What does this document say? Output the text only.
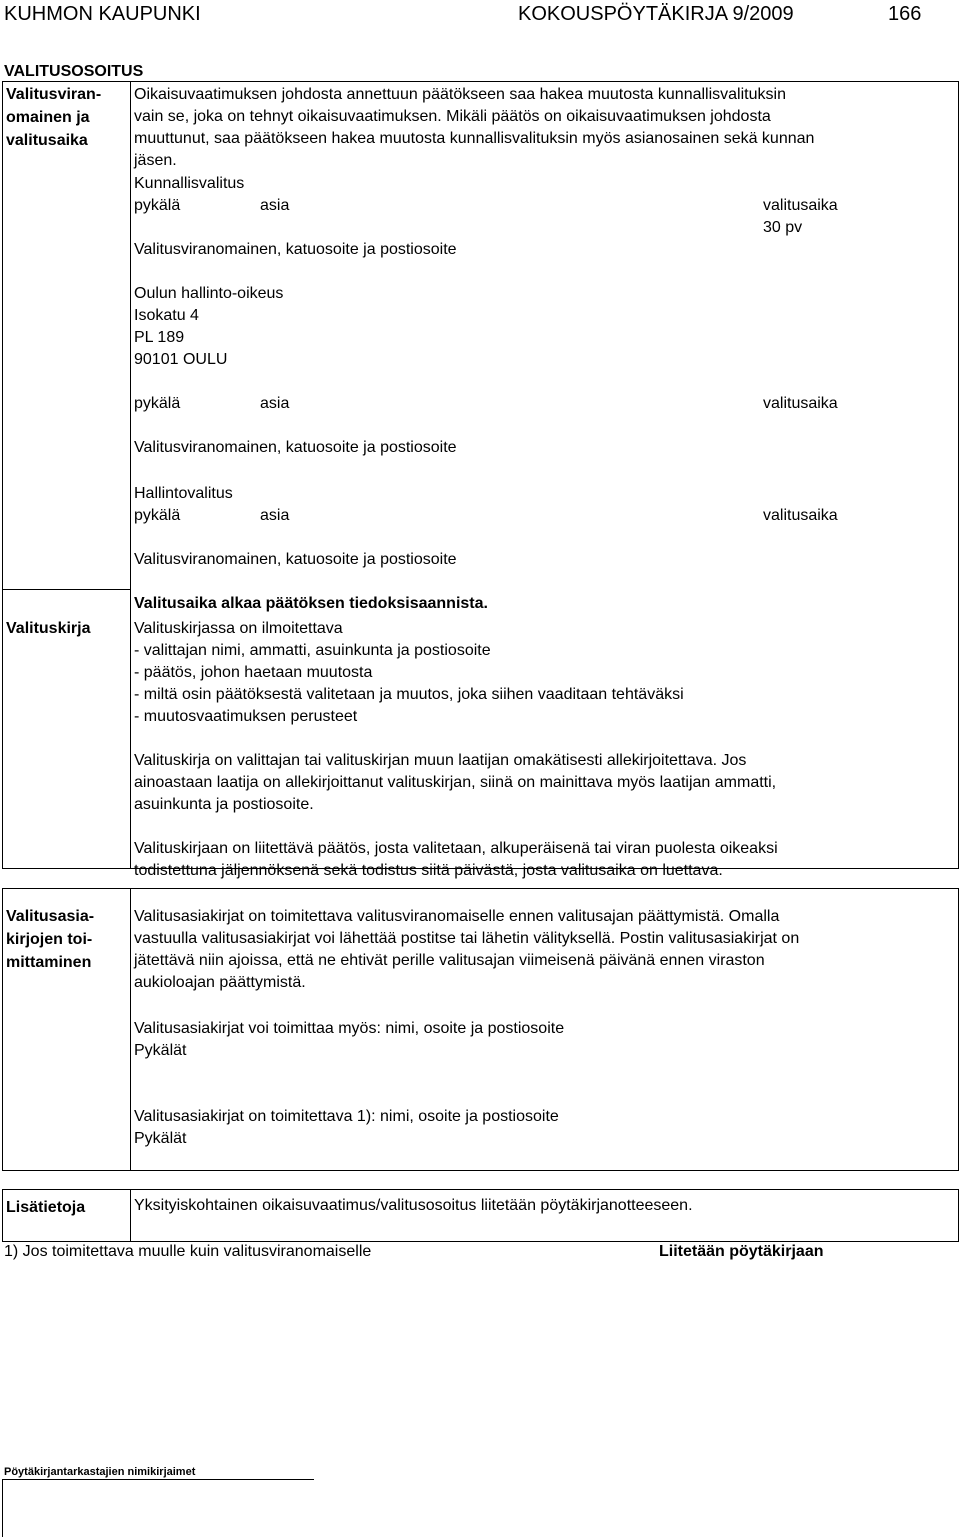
KUHMON KAUPUNKI	KOKOUSPÖYTÄKIRJA 9/2009	166
VALITUSOSOITUS
Valitusviran-
omainen ja
valitusaika
Oikaisuvaatimuksen johdosta annettuun päätökseen saa hakea muutosta kunnallisvalituksin
vain se, joka on tehnyt oikaisuvaatimuksen. Mikäli päätös on oikaisuvaatimuksen johdosta
muuttunut, saa päätökseen hakea muutosta kunnallisvalituksin myös asianosainen sekä kunnan
jäsen.
Kunnallisvalitus
pykälä	asia	valitusaika
30 pv
Valitusviranomainen, katuosoite ja postiosoite
Oulun hallinto-oikeus
Isokatu 4
PL 189
90101 OULU
pykälä	asia	valitusaika
Valitusviranomainen, katuosoite ja postiosoite
Hallintovalitus
pykälä	asia	valitusaika
Valitusviranomainen, katuosoite ja postiosoite
Valitusaika alkaa päätöksen tiedoksisaannista.
Valituskirja	Valituskirjassa on ilmoitettava
- valittajan nimi, ammatti, asuinkunta ja postiosoite
- päätös, johon haetaan muutosta
- miltä osin päätöksestä valitetaan ja muutos, joka siihen vaaditaan tehtäväksi
- muutosvaatimuksen perusteet
Valituskirja on valittajan tai valituskirjan muun laatijan omakätisesti allekirjoitettava. Jos
ainoastaan laatija on allekirjoittanut valituskirjan, siinä on mainittava myös laatijan ammatti,
asuinkunta ja postiosoite.
Valituskirjaan on liitettävä päätös, josta valitetaan, alkuperäisenä tai viran puolesta oikeaksi
todistettuna jäljennöksenä sekä todistus siitä päivästä, josta valitusaika on luettava.
Valitusasia-
kirjojen toi-
mittaminen
Valitusasiakirjat on toimitettava valitusviranomaiselle ennen valitusajan päättymistä. Omalla
vastuulla valitusasiakirjat voi lähettää postitse tai lähetin välityksellä. Postin valitusasiakirjat on
jätettävä niin ajoissa, että ne ehtivät perille valitusajan viimeisenä päivänä ennen viraston
aukioloajan päättymistä.
Valitusasiakirjat voi toimittaa myös: nimi, osoite ja postiosoite
Pykälät
Valitusasiakirjat on toimitettava 1): nimi, osoite ja postiosoite
Pykälät
Lisätietoja	Yksityiskohtainen oikaisuvaatimus/valitusosoitus liitetään pöytäkirjanotteeseen.
1) Jos toimitettava muulle kuin valitusviranomaiselle	Liitetään pöytäkirjaan
Pöytäkirjantarkastajien nimikirjaimet
